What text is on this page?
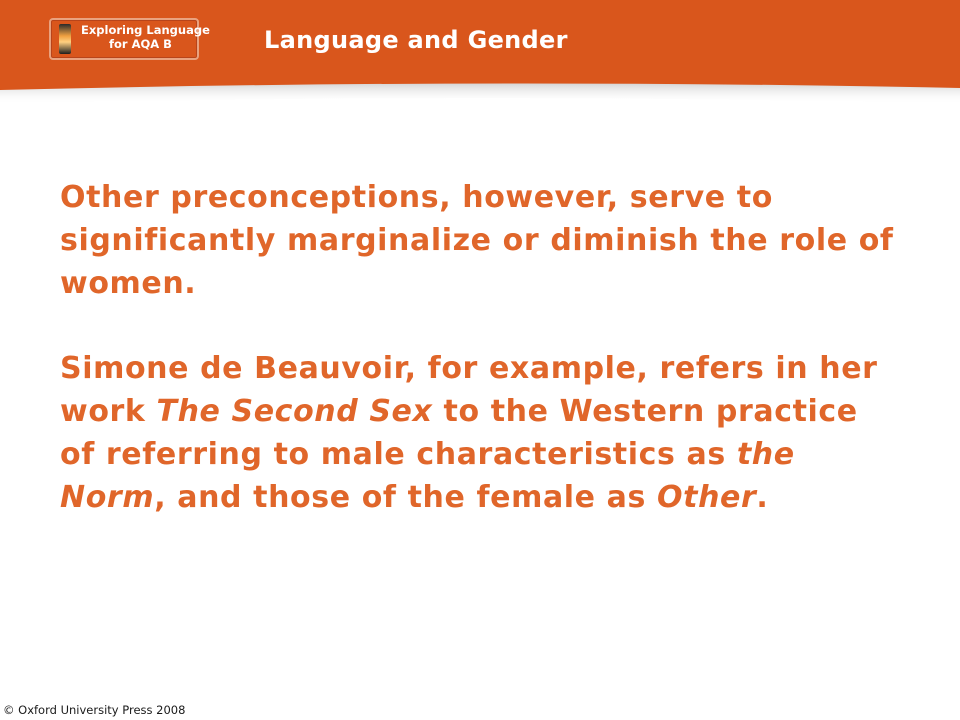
Exploring Language
for AQA B	Language and Gender

Other preconceptions, however, serve to significantly marginalize or diminish the role of women.

Simone de Beauvoir, for example, refers in her work The Second Sex to the Western practice of referring to male characteristics as the Norm, and those of the female as Other.

© Oxford University Press 2008
